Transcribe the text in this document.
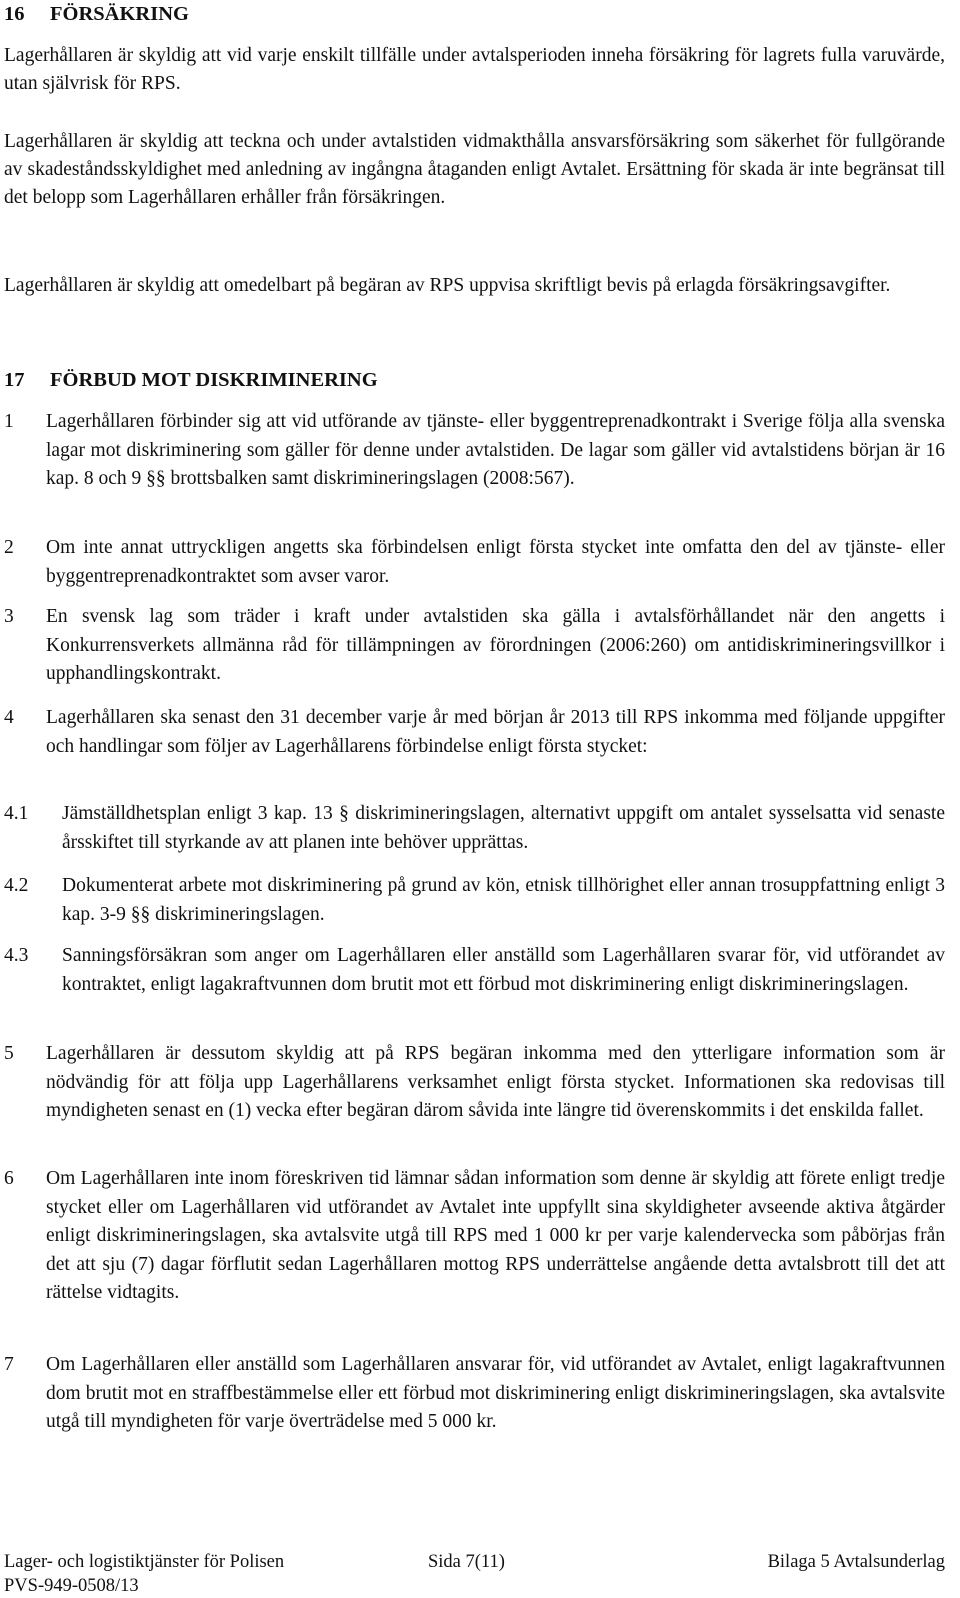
16 FÖRSÄKRING
Lagerhållaren är skyldig att vid varje enskilt tillfälle under avtalsperioden inneha försäkring för lagrets fulla varuvärde, utan självrisk för RPS.
Lagerhållaren är skyldig att teckna och under avtalstiden vidmakthålla ansvarsförsäkring som säkerhet för fullgörande av skadeståndsskyldighet med anledning av ingångna åtaganden enligt Avtalet. Ersättning för skada är inte begränsat till det belopp som Lagerhållaren erhåller från försäkringen.
Lagerhållaren är skyldig att omedelbart på begäran av RPS uppvisa skriftligt bevis på erlagda försäkringsavgifter.
17 FÖRBUD MOT DISKRIMINERING
1 Lagerhållaren förbinder sig att vid utförande av tjänste- eller byggentreprenadkontrakt i Sverige följa alla svenska lagar mot diskriminering som gäller för denne under avtalstiden. De lagar som gäller vid avtalstidens början är 16 kap. 8 och 9 §§ brottsbalken samt diskrimineringslagen (2008:567).
2 Om inte annat uttryckligen angetts ska förbindelsen enligt första stycket inte omfatta den del av tjänste- eller byggentreprenadkontraktet som avser varor.
3 En svensk lag som träder i kraft under avtalstiden ska gälla i avtalsförhållandet när den angetts i Konkurrensverkets allmänna råd för tillämpningen av förordningen (2006:260) om antidiskrimineringsvillkor i upphandlingskontrakt.
4 Lagerhållaren ska senast den 31 december varje år med början år 2013 till RPS inkomma med följande uppgifter och handlingar som följer av Lagerhållarens förbindelse enligt första stycket:
4.1 Jämställdhetsplan enligt 3 kap. 13 § diskrimineringslagen, alternativt uppgift om antalet sysselsatta vid senaste årsskiftet till styrkande av att planen inte behöver upprättas.
4.2 Dokumenterat arbete mot diskriminering på grund av kön, etnisk tillhörighet eller annan trosuppfattning enligt 3 kap. 3-9 §§ diskrimineringslagen.
4.3 Sanningsförsäkran som anger om Lagerhållaren eller anställd som Lagerhållaren svarar för, vid utförandet av kontraktet, enligt lagakraftvunnen dom brutit mot ett förbud mot diskriminering enligt diskrimineringslagen.
5 Lagerhållaren är dessutom skyldig att på RPS begäran inkomma med den ytterligare information som är nödvändig för att följa upp Lagerhållarens verksamhet enligt första stycket. Informationen ska redovisas till myndigheten senast en (1) vecka efter begäran därom såvida inte längre tid överenskommits i det enskilda fallet.
6 Om Lagerhållaren inte inom föreskriven tid lämnar sådan information som denne är skyldig att förete enligt tredje stycket eller om Lagerhållaren vid utförandet av Avtalet inte uppfyllt sina skyldigheter avseende aktiva åtgärder enligt diskrimineringslagen, ska avtalsvite utgå till RPS med 1 000 kr per varje kalendervecka som påbörjas från det att sju (7) dagar förflutit sedan Lagerhållaren mottog RPS underrättelse angående detta avtalsbrott till det att rättelse vidtagits.
7 Om Lagerhållaren eller anställd som Lagerhållaren ansvarar för, vid utförandet av Avtalet, enligt lagakraftvunnen dom brutit mot en straffbestämmelse eller ett förbud mot diskriminering enligt diskrimineringslagen, ska avtalsvite utgå till myndigheten för varje överträdelse med 5 000 kr.
Lager- och logistiktjänster för Polisen	Sida 7(11)	Bilaga 5 Avtalsunderlag
PVS-949-0508/13
